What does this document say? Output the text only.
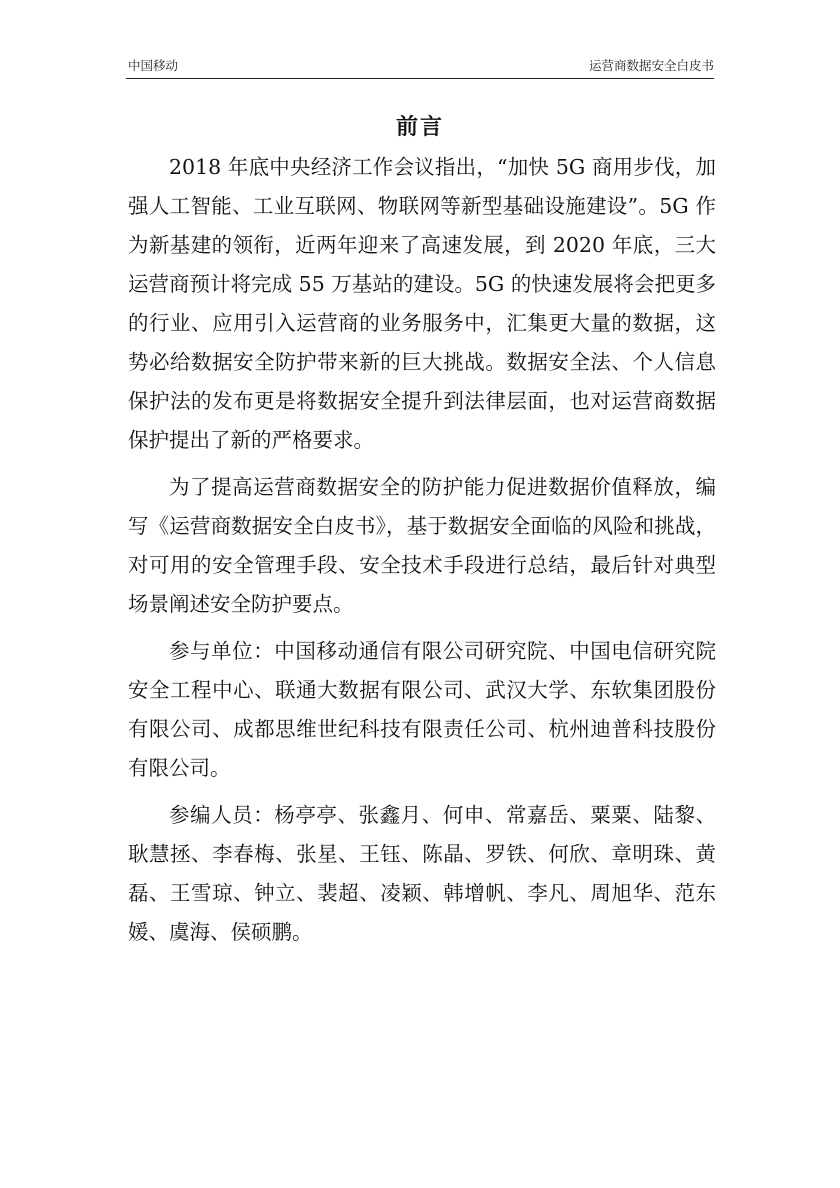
中国移动	运营商数据安全白皮书
前言

2018 年底中央经济工作会议指出，“加快 5G 商用步伐，加强人工智能、工业互联网、物联网等新型基础设施建设”。5G 作为新基建的领衔，近两年迎来了高速发展，到 2020 年底，三大运营商预计将完成 55 万基站的建设。5G 的快速发展将会把更多的行业、应用引入运营商的业务服务中，汇集更大量的数据，这势必给数据安全防护带来新的巨大挑战。数据安全法、个人信息保护法的发布更是将数据安全提升到法律层面，也对运营商数据保护提出了新的严格要求。

为了提高运营商数据安全的防护能力促进数据价值释放，编写《运营商数据安全白皮书》，基于数据安全面临的风险和挑战，对可用的安全管理手段、安全技术手段进行总结，最后针对典型场景阐述安全防护要点。

参与单位：中国移动通信有限公司研究院、中国电信研究院安全工程中心、联通大数据有限公司、武汉大学、东软集团股份有限公司、成都思维世纪科技有限责任公司、杭州迪普科技股份有限公司。

参编人员：杨亭亭、张鑫月、何申、常嘉岳、粟粟、陆黎、耿慧拯、李春梅、张星、王钰、陈晶、罗铁、何欣、章明珠、黄磊、王雪琼、钟立、裴超、凌颖、韩增帆、李凡、周旭华、范东媛、虞海、侯硕鹏。
